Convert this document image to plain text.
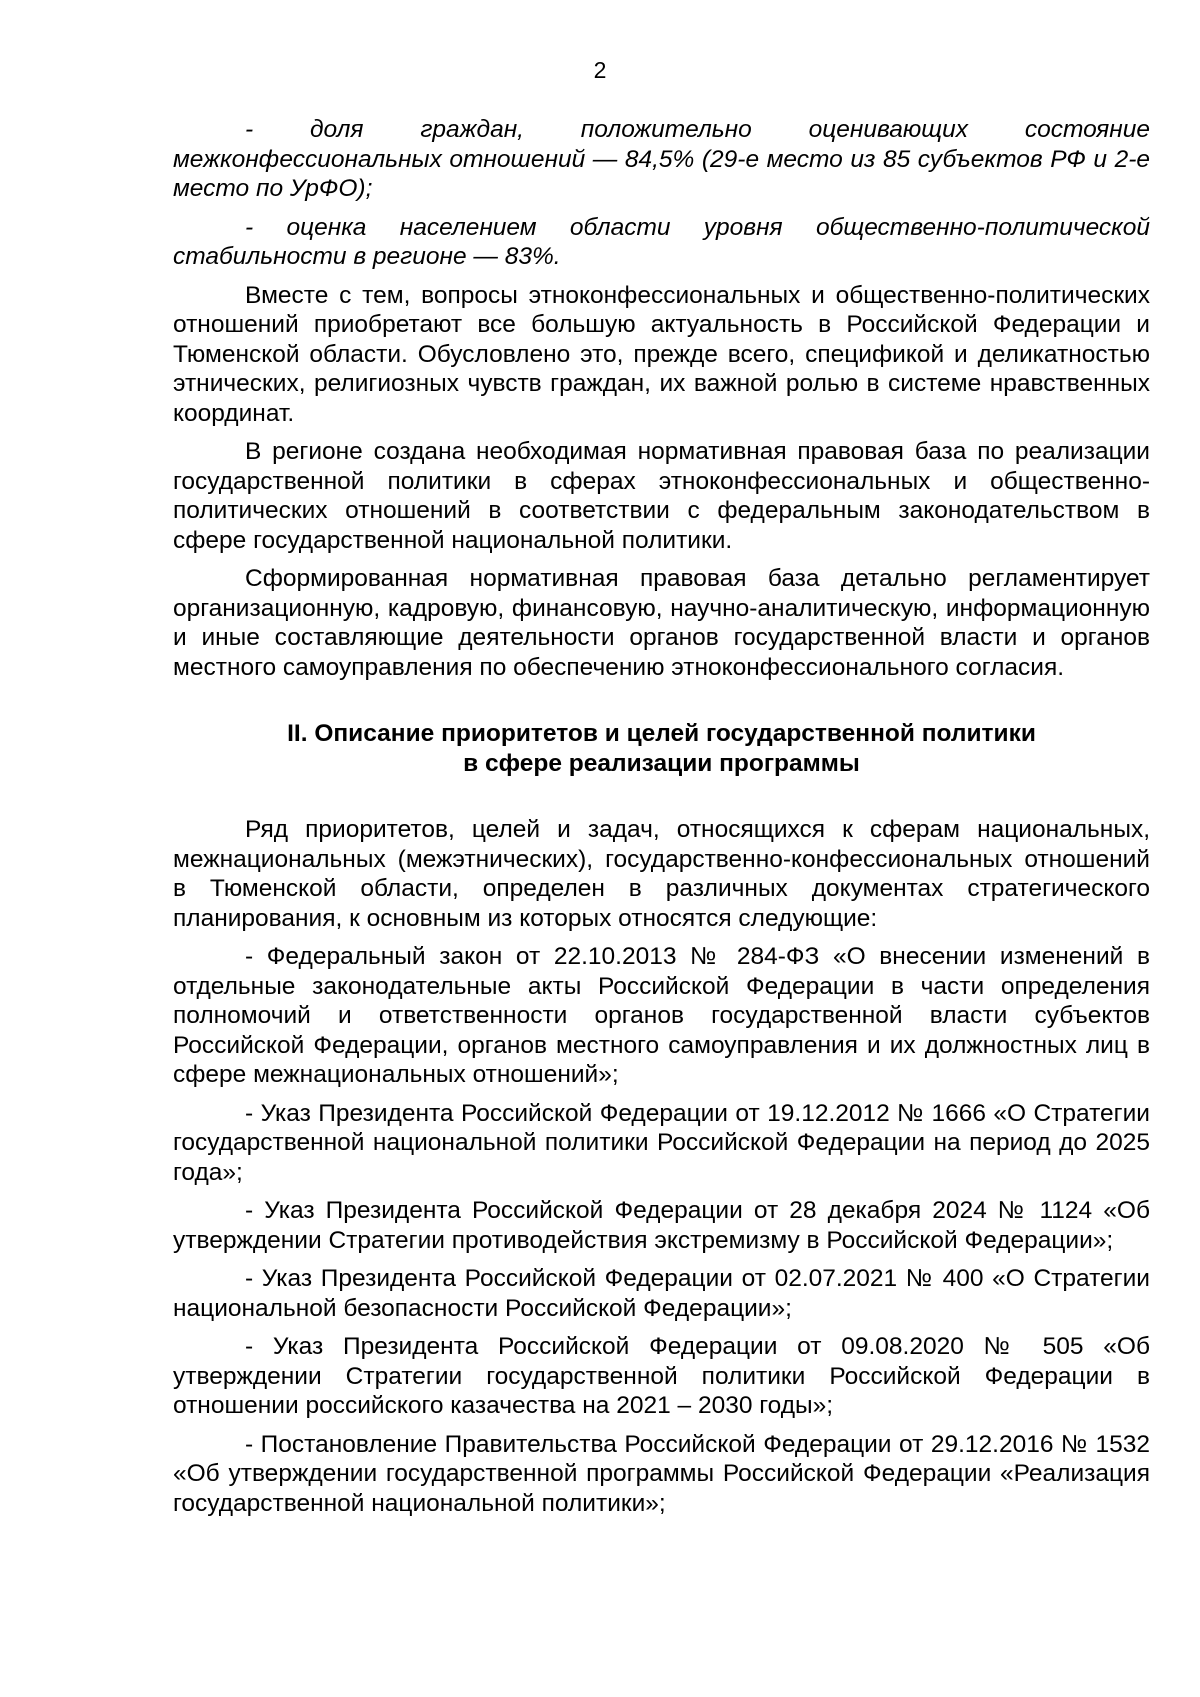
2

- доля граждан, положительно оценивающих состояние межконфессиональных отношений — 84,5% (29-е место из 85 субъектов РФ и 2-е место по УрФО);

- оценка населением области уровня общественно-политической стабильности в регионе — 83%.

Вместе с тем, вопросы этноконфессиональных и общественно-политических отношений приобретают все большую актуальность в Российской Федерации и Тюменской области. Обусловлено это, прежде всего, спецификой и деликатностью этнических, религиозных чувств граждан, их важной ролью в системе нравственных координат.

В регионе создана необходимая нормативная правовая база по реализации государственной политики в сферах этноконфессиональных и общественно-политических отношений в соответствии с федеральным законодательством в сфере государственной национальной политики.

Сформированная нормативная правовая база детально регламентирует организационную, кадровую, финансовую, научно-аналитическую, информационную и иные составляющие деятельности органов государственной власти и органов местного самоуправления по обеспечению этноконфессионального согласия.

II. Описание приоритетов и целей государственной политики
в сфере реализации программы

Ряд приоритетов, целей и задач, относящихся к сферам национальных, межнациональных (межэтнических), государственно-конфессиональных отношений в Тюменской области, определен в различных документах стратегического планирования, к основным из которых относятся следующие:

- Федеральный закон от 22.10.2013 № 284-ФЗ «О внесении изменений в отдельные законодательные акты Российской Федерации в части определения полномочий и ответственности органов государственной власти субъектов Российской Федерации, органов местного самоуправления и их должностных лиц в сфере межнациональных отношений»;

- Указ Президента Российской Федерации от 19.12.2012 № 1666 «О Стратегии государственной национальной политики Российской Федерации на период до 2025 года»;

- Указ Президента Российской Федерации от 28 декабря 2024 № 1124 «Об утверждении Стратегии противодействия экстремизму в Российской Федерации»;

- Указ Президента Российской Федерации от 02.07.2021 № 400 «О Стратегии национальной безопасности Российской Федерации»;

- Указ Президента Российской Федерации от 09.08.2020 № 505 «Об утверждении Стратегии государственной политики Российской Федерации в отношении российского казачества на 2021 – 2030 годы»;

- Постановление Правительства Российской Федерации от 29.12.2016 № 1532 «Об утверждении государственной программы Российской Федерации «Реализация государственной национальной политики»;
